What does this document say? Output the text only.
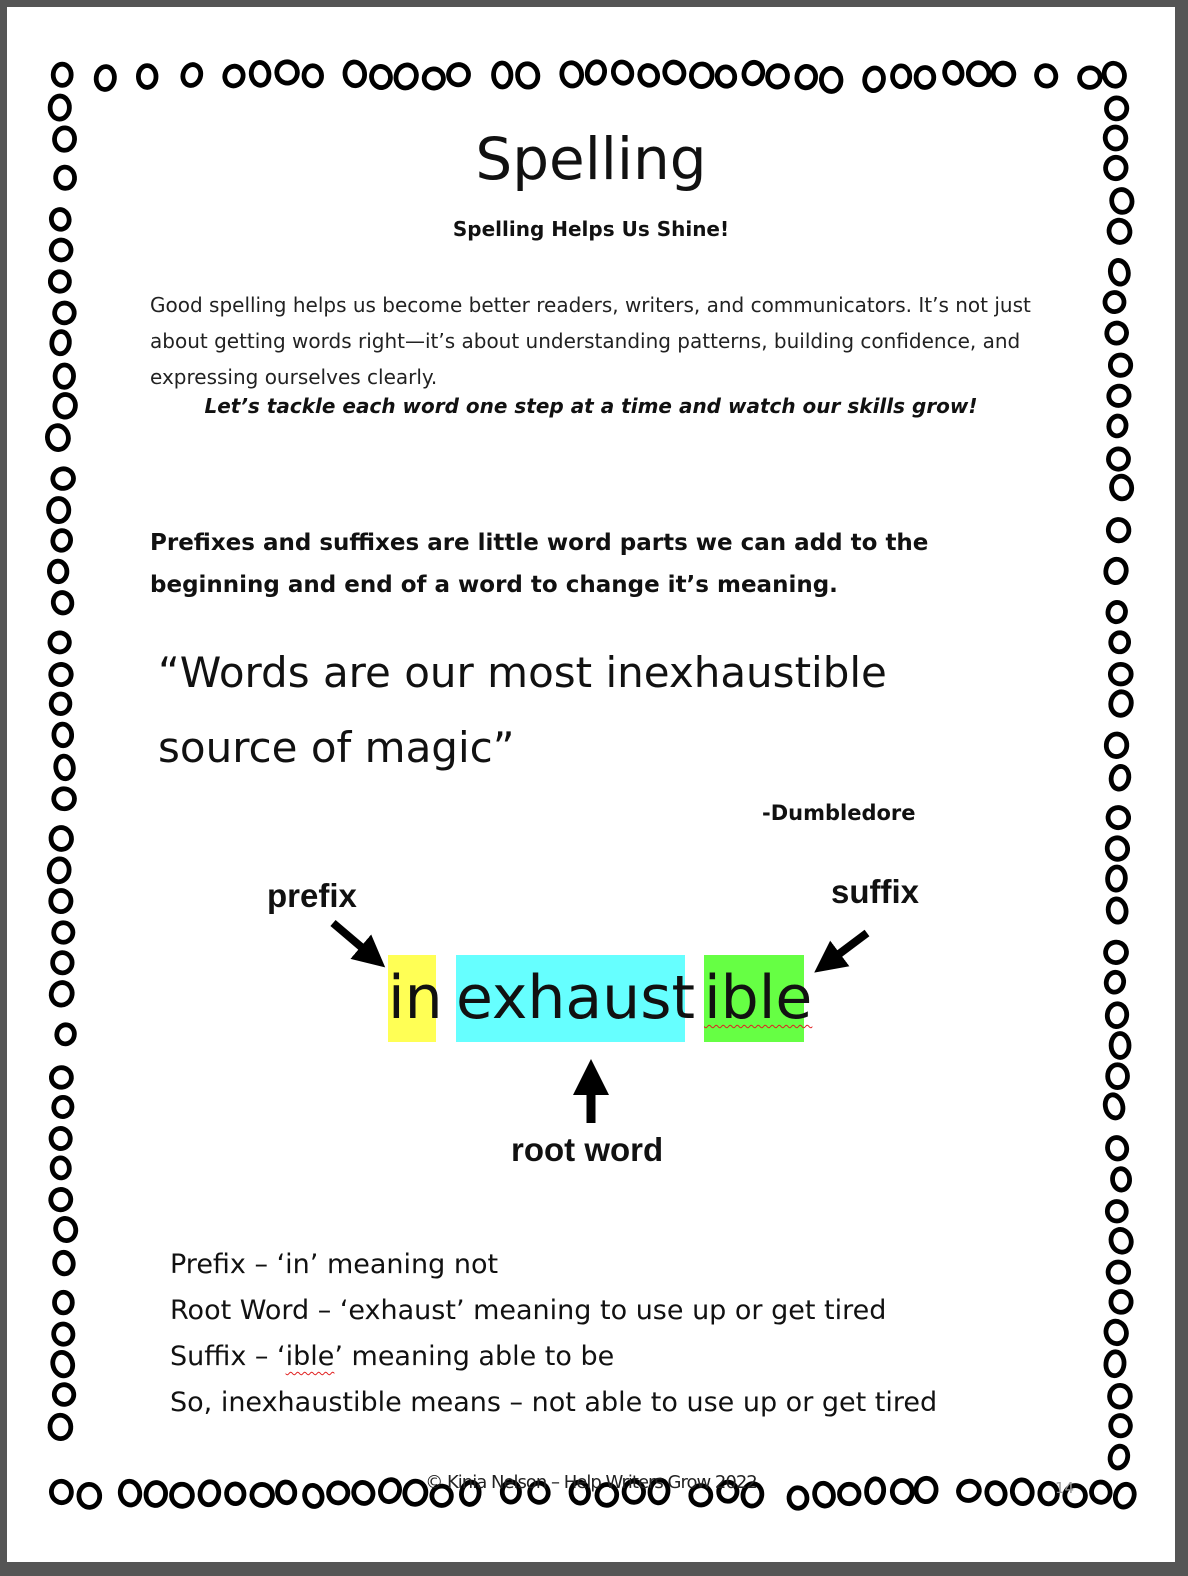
Spelling
Spelling Helps Us Shine!

Good spelling helps us become better readers, writers, and communicators. It’s not just about getting words right—it’s about understanding patterns, building confidence, and expressing ourselves clearly.

Let’s tackle each word one step at a time and watch our skills grow!

Prefixes and suffixes are little word parts we can add to the beginning and end of a word to change it’s meaning.

“Words are our most inexhaustible source of magic”
-Dumbledore
prefix	suffix
root word
in exhaust ible
Prefix – ‘in’ meaning not
Root Word – ‘exhaust’ meaning to use up or get tired
Suffix – ‘ible’ meaning able to be
So, inexhaustible means – not able to use up or get tired
© Kinia Nelson – Help Writers Grow 2022	14
